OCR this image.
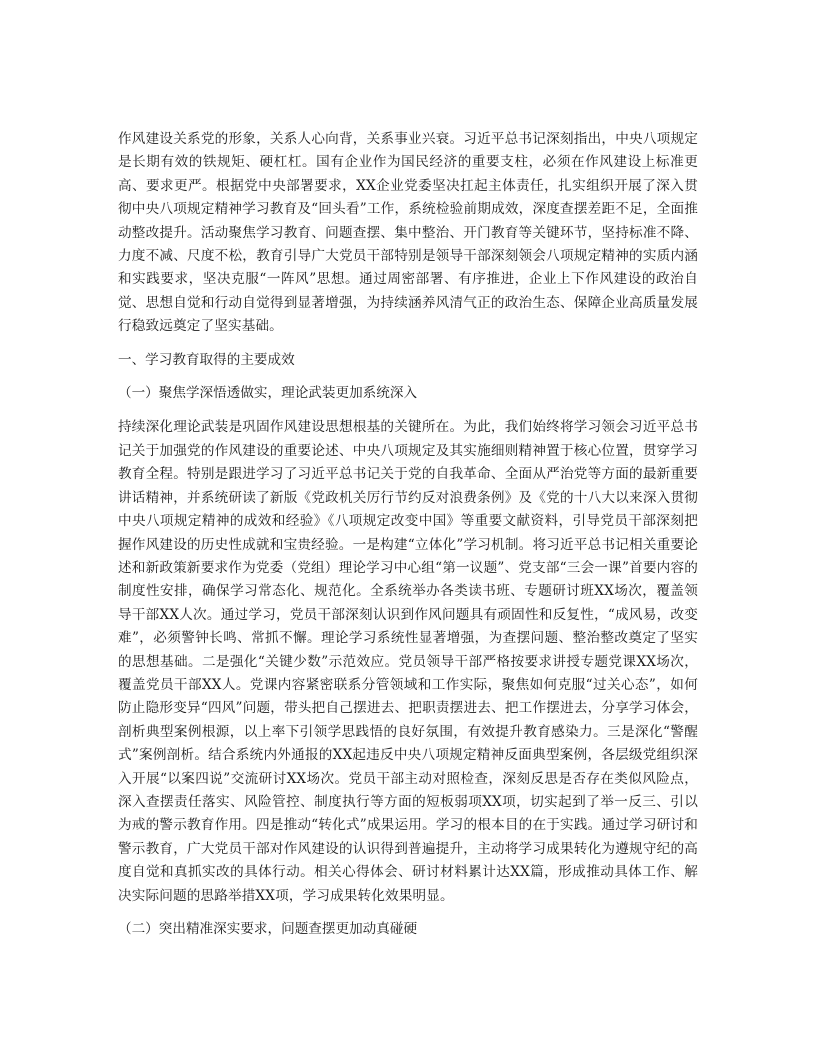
作风建设关系党的形象，关系人心向背，关系事业兴衰。习近平总书记深刻指出，中央八项规定是长期有效的铁规矩、硬杠杠。国有企业作为国民经济的重要支柱，必须在作风建设上标准更高、要求更严。根据党中央部署要求，XX企业党委坚决扛起主体责任，扎实组织开展了深入贯彻中央八项规定精神学习教育及“回头看”工作，系统检验前期成效，深度查摆差距不足，全面推动整改提升。活动聚焦学习教育、问题查摆、集中整治、开门教育等关键环节，坚持标准不降、力度不减、尺度不松，教育引导广大党员干部特别是领导干部深刻领会八项规定精神的实质内涵和实践要求，坚决克服“一阵风”思想。通过周密部署、有序推进，企业上下作风建设的政治自觉、思想自觉和行动自觉得到显著增强，为持续涵养风清气正的政治生态、保障企业高质量发展行稳致远奠定了坚实基础。

一、学习教育取得的主要成效

（一）聚焦学深悟透做实，理论武装更加系统深入

持续深化理论武装是巩固作风建设思想根基的关键所在。为此，我们始终将学习领会习近平总书记关于加强党的作风建设的重要论述、中央八项规定及其实施细则精神置于核心位置，贯穿学习教育全程。特别是跟进学习了习近平总书记关于党的自我革命、全面从严治党等方面的最新重要讲话精神，并系统研读了新版《党政机关厉行节约反对浪费条例》及《党的十八大以来深入贯彻中央八项规定精神的成效和经验》《八项规定改变中国》等重要文献资料，引导党员干部深刻把握作风建设的历史性成就和宝贵经验。一是构建“立体化”学习机制。将习近平总书记相关重要论述和新政策新要求作为党委（党组）理论学习中心组“第一议题”、党支部“三会一课”首要内容的制度性安排，确保学习常态化、规范化。全系统举办各类读书班、专题研讨班XX场次，覆盖领导干部XX人次。通过学习，党员干部深刻认识到作风问题具有顽固性和反复性，“成风易，改变难”，必须警钟长鸣、常抓不懈。理论学习系统性显著增强，为查摆问题、整治整改奠定了坚实的思想基础。二是强化“关键少数”示范效应。党员领导干部严格按要求讲授专题党课XX场次，覆盖党员干部XX人。党课内容紧密联系分管领域和工作实际，聚焦如何克服“过关心态”，如何防止隐形变异“四风”问题，带头把自己摆进去、把职责摆进去、把工作摆进去，分享学习体会，剖析典型案例根源，以上率下引领学思践悟的良好氛围，有效提升教育感染力。三是深化“警醒式”案例剖析。结合系统内外通报的XX起违反中央八项规定精神反面典型案例，各层级党组织深入开展“以案四说”交流研讨XX场次。党员干部主动对照检查，深刻反思是否存在类似风险点，深入查摆责任落实、风险管控、制度执行等方面的短板弱项XX项，切实起到了举一反三、引以为戒的警示教育作用。四是推动“转化式”成果运用。学习的根本目的在于实践。通过学习研讨和警示教育，广大党员干部对作风建设的认识得到普遍提升，主动将学习成果转化为遵规守纪的高度自觉和真抓实改的具体行动。相关心得体会、研讨材料累计达XX篇，形成推动具体工作、解决实际问题的思路举措XX项，学习成果转化效果明显。

（二）突出精准深实要求，问题查摆更加动真碰硬
